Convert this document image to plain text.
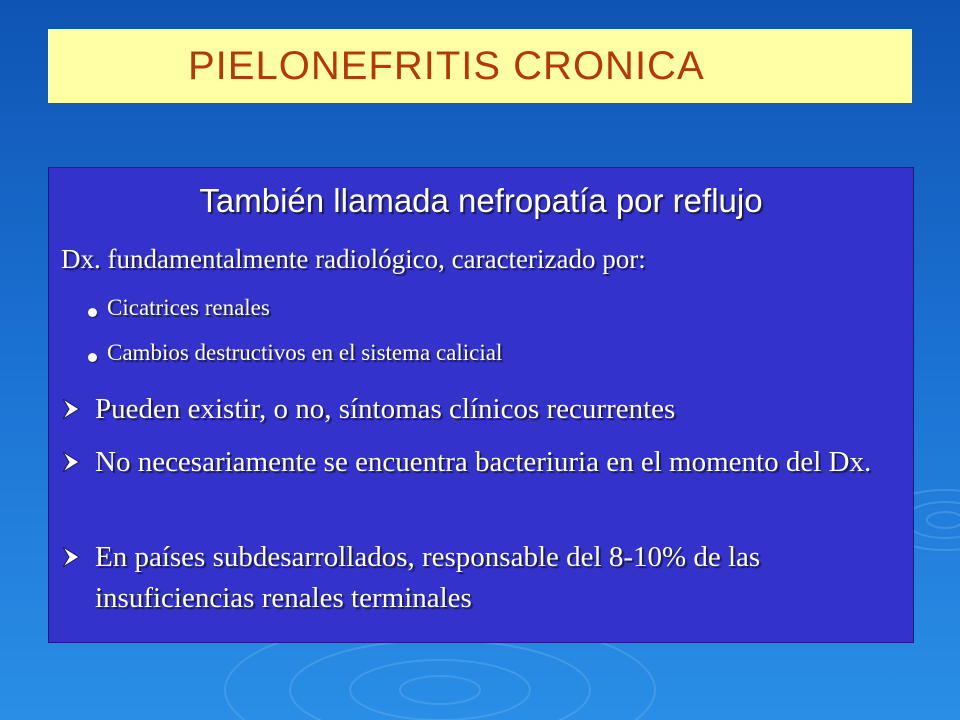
PIELONEFRITIS CRONICA
También llamada nefropatía por reflujo
Dx. fundamentalmente radiológico, caracterizado por:
Cicatrices renales
Cambios destructivos en el sistema calicial
Pueden existir, o no, síntomas clínicos recurrentes
No necesariamente se encuentra bacteriuria en el momento del Dx.
En países subdesarrollados, responsable del 8-10% de las insuficiencias renales terminales
